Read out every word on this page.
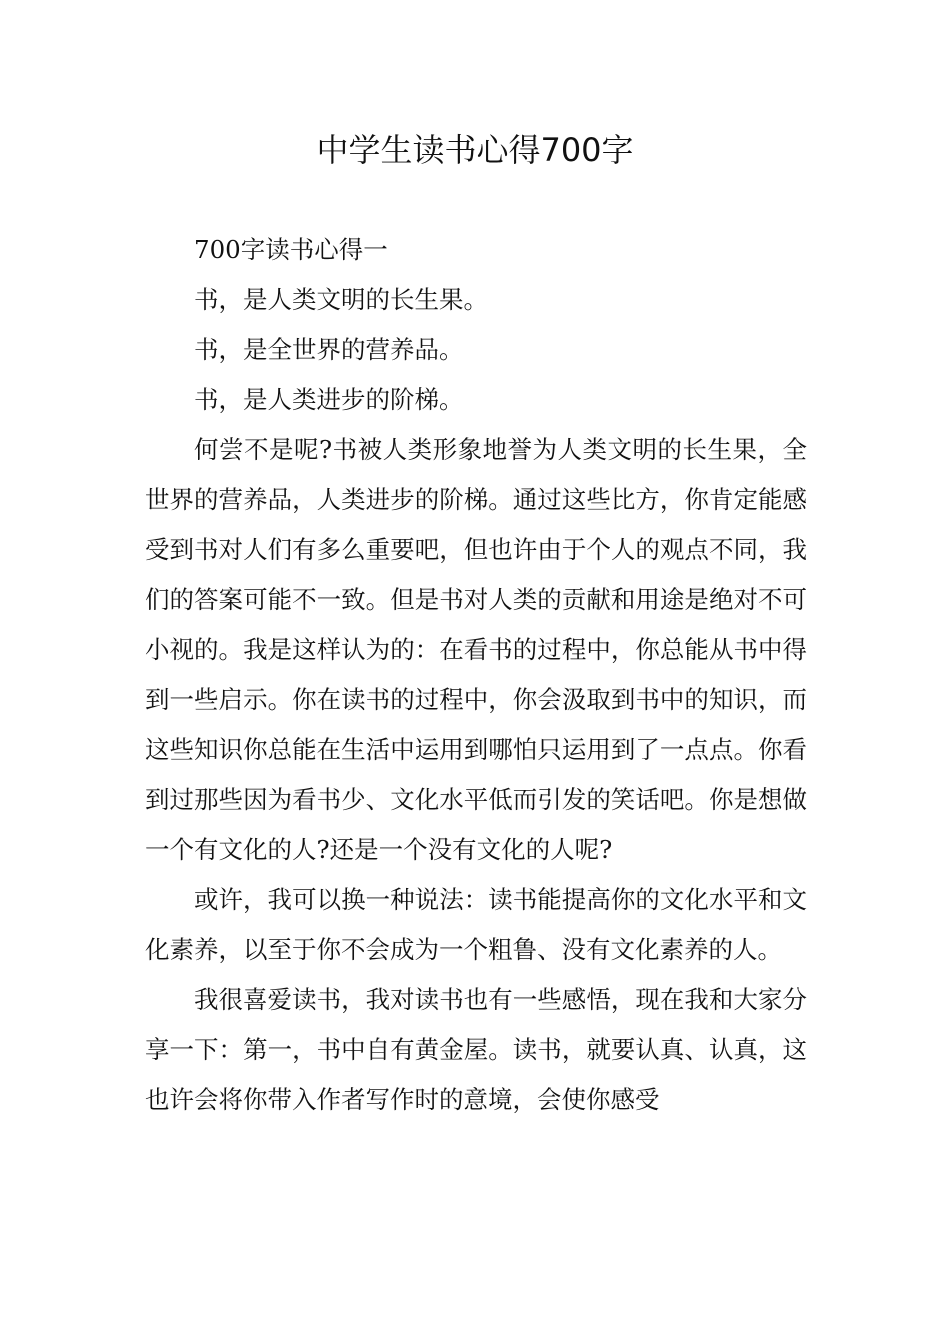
中学生读书心得700字

700字读书心得一

书，是人类文明的长生果。

书，是全世界的营养品。

书，是人类进步的阶梯。

何尝不是呢?书被人类形象地誉为人类文明的长生果，全世界的营养品，人类进步的阶梯。通过这些比方，你肯定能感受到书对人们有多么重要吧，但也许由于个人的观点不同，我们的答案可能不一致。但是书对人类的贡献和用途是绝对不可小视的。我是这样认为的：在看书的过程中，你总能从书中得到一些启示。你在读书的过程中，你会汲取到书中的知识，而这些知识你总能在生活中运用到哪怕只运用到了一点点。你看到过那些因为看书少、文化水平低而引发的笑话吧。你是想做一个有文化的人?还是一个没有文化的人呢?

或许，我可以换一种说法：读书能提高你的文化水平和文化素养，以至于你不会成为一个粗鲁、没有文化素养的人。

我很喜爱读书，我对读书也有一些感悟，现在我和大家分享一下：第一，书中自有黄金屋。读书，就要认真、认真，这也许会将你带入作者写作时的意境，会使你感受
